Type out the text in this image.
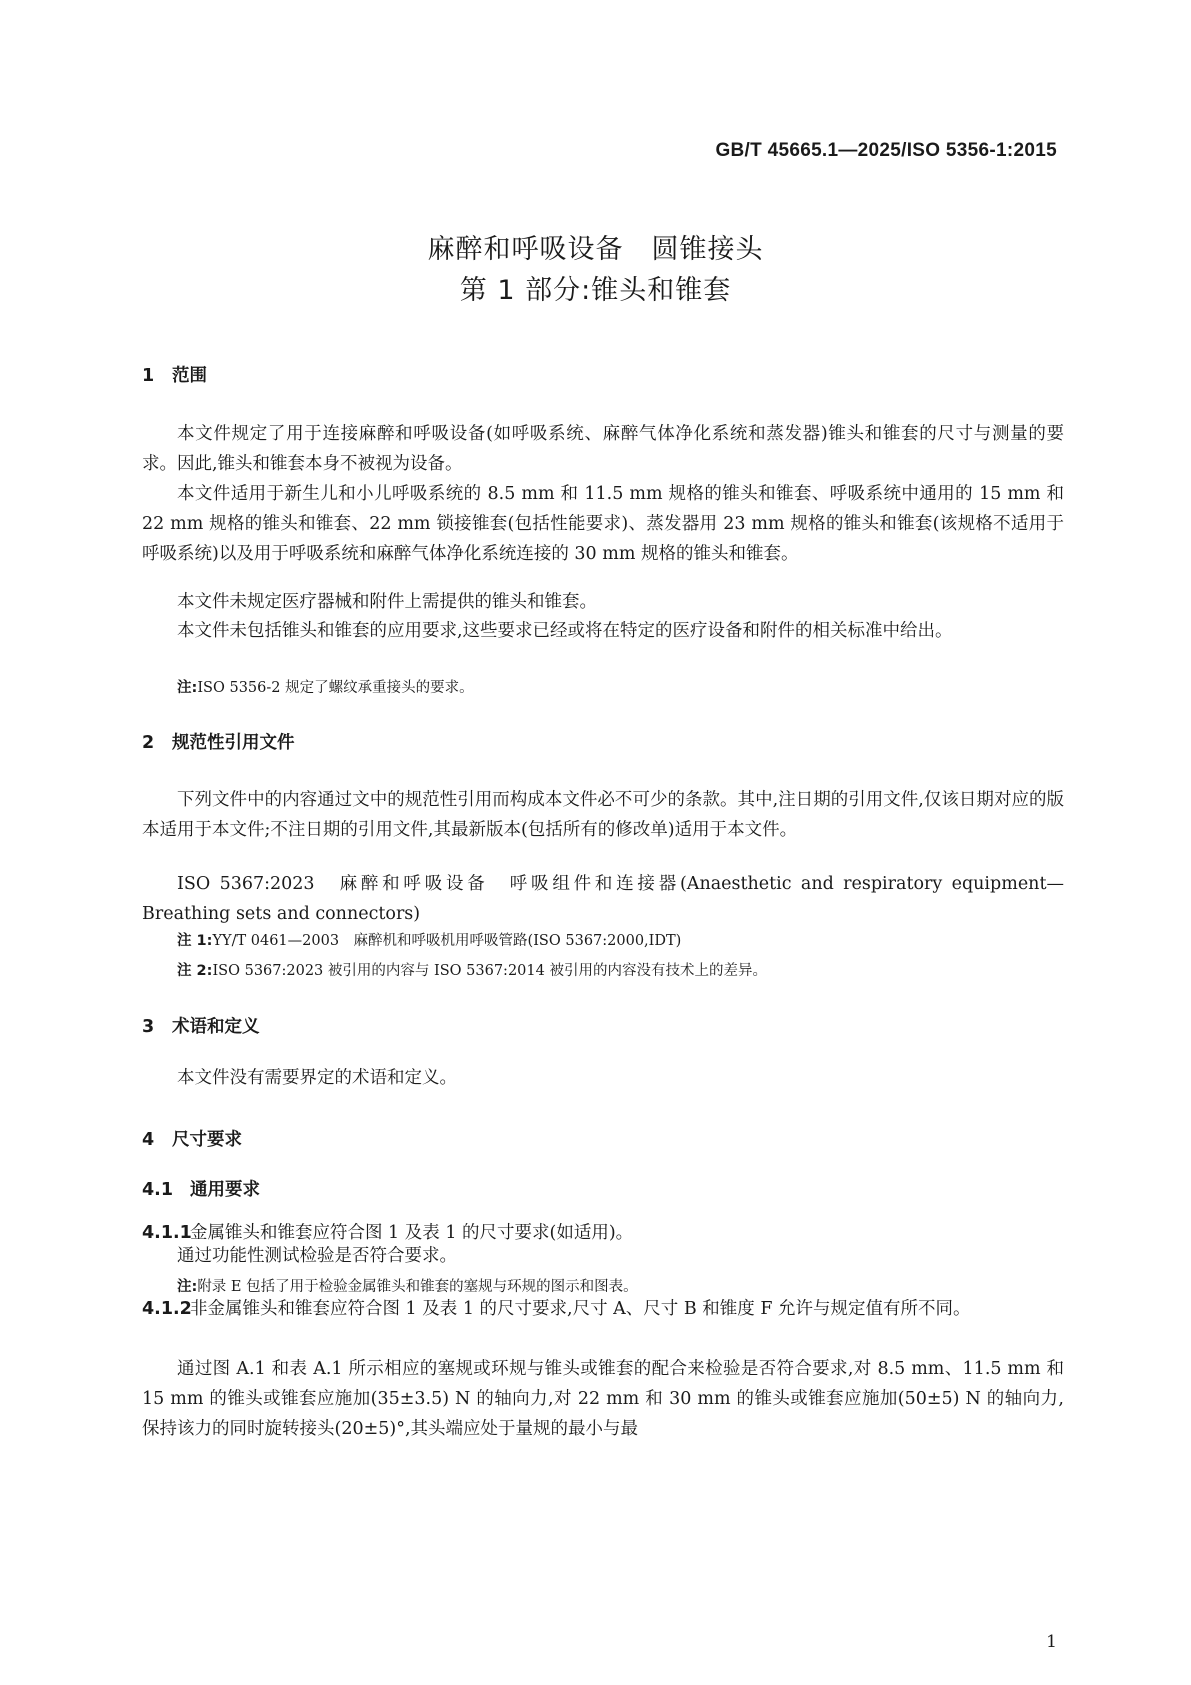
GB/T 45665.1—2025/ISO 5356-1:2015
麻醉和呼吸设备　圆锥接头
第 1 部分:锥头和锥套
1 范围
本文件规定了用于连接麻醉和呼吸设备(如呼吸系统、麻醉气体净化系统和蒸发器)锥头和锥套的尺寸与测量的要求。因此,锥头和锥套本身不被视为设备。
本文件适用于新生儿和小儿呼吸系统的 8.5 mm 和 11.5 mm 规格的锥头和锥套、呼吸系统中通用的 15 mm 和 22 mm 规格的锥头和锥套、22 mm 锁接锥套(包括性能要求)、蒸发器用 23 mm 规格的锥头和锥套(该规格不适用于呼吸系统)以及用于呼吸系统和麻醉气体净化系统连接的 30 mm 规格的锥头和锥套。
本文件未规定医疗器械和附件上需提供的锥头和锥套。
本文件未包括锥头和锥套的应用要求,这些要求已经或将在特定的医疗设备和附件的相关标准中给出。
注:ISO 5356-2 规定了螺纹承重接头的要求。
2 规范性引用文件
下列文件中的内容通过文中的规范性引用而构成本文件必不可少的条款。其中,注日期的引用文件,仅该日期对应的版本适用于本文件;不注日期的引用文件,其最新版本(包括所有的修改单)适用于本文件。
ISO 5367:2023　麻醉和呼吸设备　呼吸组件和连接器(Anaesthetic and respiratory equipment—Breathing sets and connectors)
注 1:YY/T 0461—2003　麻醉机和呼吸机用呼吸管路(ISO 5367:2000,IDT)
注 2:ISO 5367:2023 被引用的内容与 ISO 5367:2014 被引用的内容没有技术上的差异。
3 术语和定义
本文件没有需要界定的术语和定义。
4 尺寸要求
4.1 通用要求
4.1.1金属锥头和锥套应符合图 1 及表 1 的尺寸要求(如适用)。
通过功能性测试检验是否符合要求。
注:附录 E 包括了用于检验金属锥头和锥套的塞规与环规的图示和图表。
4.1.2非金属锥头和锥套应符合图 1 及表 1 的尺寸要求,尺寸 A、尺寸 B 和锥度 F 允许与规定值有所不同。
通过图 A.1 和表 A.1 所示相应的塞规或环规与锥头或锥套的配合来检验是否符合要求,对 8.5 mm、11.5 mm 和 15 mm 的锥头或锥套应施加(35±3.5) N 的轴向力,对 22 mm 和 30 mm 的锥头或锥套应施加(50±5) N 的轴向力,保持该力的同时旋转接头(20±5)°,其头端应处于量规的最小与最
1
